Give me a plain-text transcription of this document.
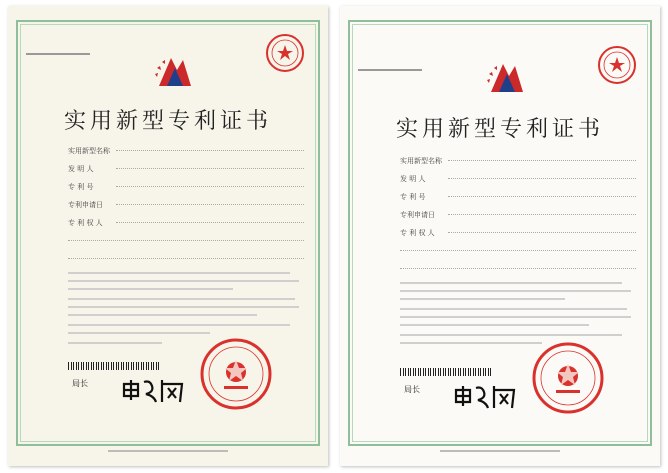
实用新型专利证书
实用新型名称
发 明 人
专 利 号
专利申请日
专 利 权 人
局长
实用新型专利证书
实用新型名称
发 明 人
专 利 号
专利申请日
专 利 权 人
局长
